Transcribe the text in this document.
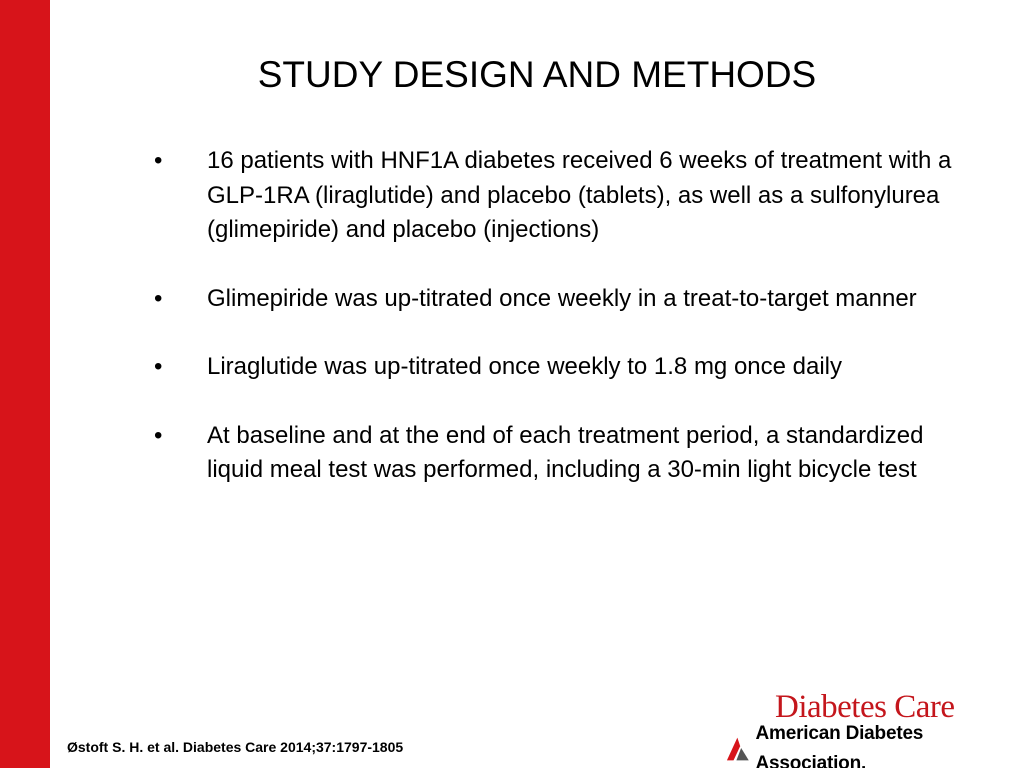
STUDY DESIGN AND METHODS
• 16 patients with HNF1A diabetes received 6 weeks of treatment with a GLP-1RA (liraglutide) and placebo (tablets), as well as a sulfonylurea (glimepiride) and placebo (injections)
• Glimepiride was up-titrated once weekly in a treat-to-target manner
• Liraglutide was up-titrated once weekly to 1.8 mg once daily
• At baseline and at the end of each treatment period, a standardized liquid meal test was performed, including a 30-min light bicycle test
Østoft S. H. et al. Diabetes Care 2014;37:1797-1805
Diabetes Care
American Diabetes Association.
